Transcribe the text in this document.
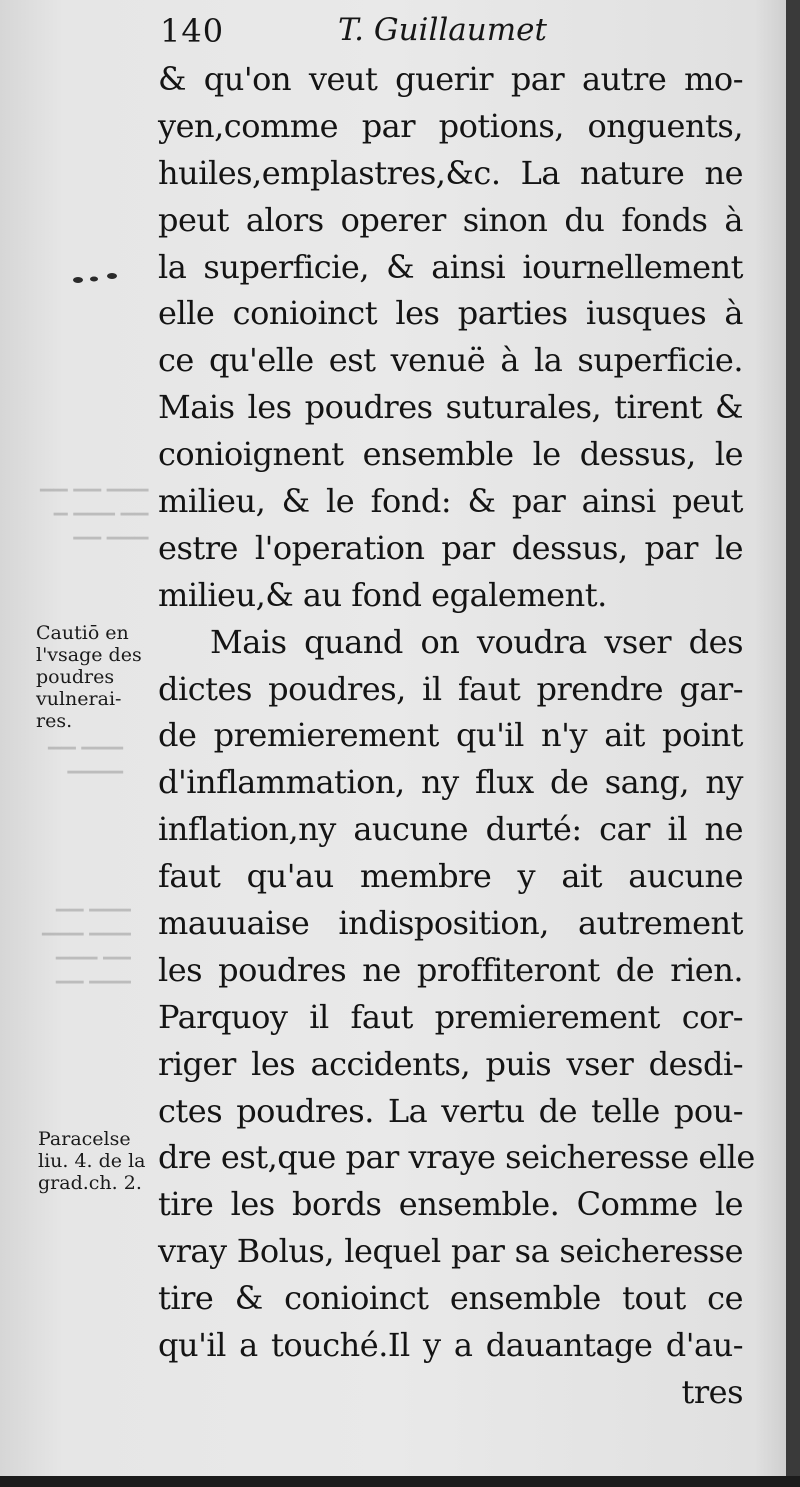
140	T. Guillaumet
▁▁▁ ▁▁ ▁▁
▁▁ ▁▁▁ ▁
▁▁▁ ▁▁
▁▁▁ ▁▁
▁▁▁▁
▁▁▁ ▁▁
▁▁▁ ▁▁▁
▁▁ ▁▁▁
▁▁▁ ▁▁
& qu'on veut guerir par autre mo-
yen,comme par potions, onguents,
huiles,emplastres,&c. La nature ne
peut alors operer sinon du fonds à
la superficie, & ainsi iournellement
elle conioinct les parties iusques à
ce qu'elle est venuë à la superficie.
Mais les poudres suturales, tirent &
conioignent ensemble le dessus, le
milieu, & le fond: & par ainsi peut
estre l'operation par dessus, par le
milieu,& au fond egalement.
Mais quand on voudra vser des
dictes poudres, il faut prendre gar-
de premierement qu'il n'y ait point
d'inflammation, ny flux de sang, ny
inflation,ny aucune durté: car il ne
faut qu'au membre y ait aucune
mauuaise indisposition, autrement
les poudres ne proffiteront de rien.
Parquoy il faut premierement cor-
riger les accidents, puis vser desdi-
ctes poudres. La vertu de telle pou-
dre est,que par vraye seicheresse elle
tire les bords ensemble. Comme le
vray Bolus, lequel par sa seicheresse
tire & conioinct ensemble tout ce
qu'il a touché.Il y a dauantage d'au-
tres
Cautiō en
l'vsage des
poudres
vulnerai-
res.
Paracelse
liu. 4. de la
grad.ch. 2.
